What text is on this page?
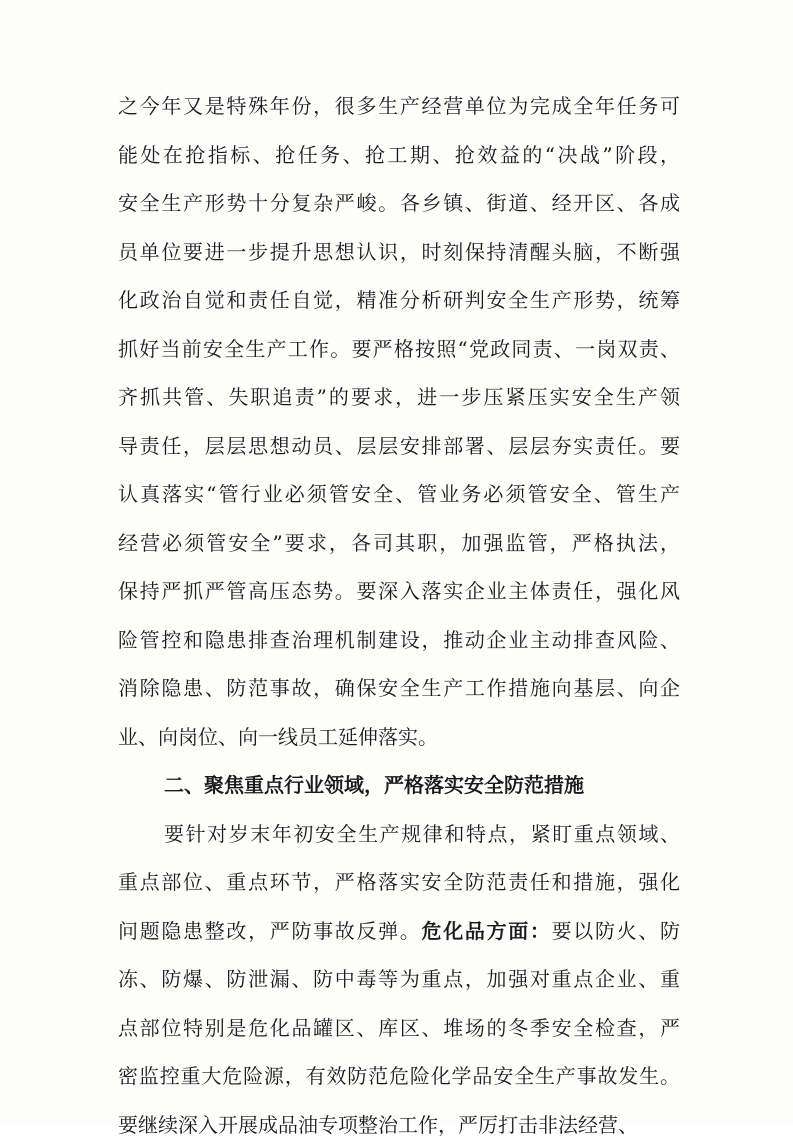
之今年又是特殊年份，很多生产经营单位为完成全年任务可
能处在抢指标、抢任务、抢工期、抢效益的“决战”阶段，
安全生产形势十分复杂严峻。各乡镇、街道、经开区、各成
员单位要进一步提升思想认识，时刻保持清醒头脑，不断强
化政治自觉和责任自觉，精准分析研判安全生产形势，统筹
抓好当前安全生产工作。要严格按照“党政同责、一岗双责、
齐抓共管、失职追责”的要求，进一步压紧压实安全生产领
导责任，层层思想动员、层层安排部署、层层夯实责任。要
认真落实“管行业必须管安全、管业务必须管安全、管生产
经营必须管安全”要求，各司其职，加强监管，严格执法，
保持严抓严管高压态势。要深入落实企业主体责任，强化风
险管控和隐患排查治理机制建设，推动企业主动排查风险、
消除隐患、防范事故，确保安全生产工作措施向基层、向企
业、向岗位、向一线员工延伸落实。
二、聚焦重点行业领域，严格落实安全防范措施
要针对岁末年初安全生产规律和特点，紧盯重点领域、
重点部位、重点环节，严格落实安全防范责任和措施，强化
问题隐患整改，严防事故反弹。危化品方面：要以防火、防
冻、防爆、防泄漏、防中毒等为重点，加强对重点企业、重
点部位特别是危化品罐区、库区、堆场的冬季安全检查，严
密监控重大危险源，有效防范危险化学品安全生产事故发生。
要继续深入开展成品油专项整治工作，严厉打击非法经营、
